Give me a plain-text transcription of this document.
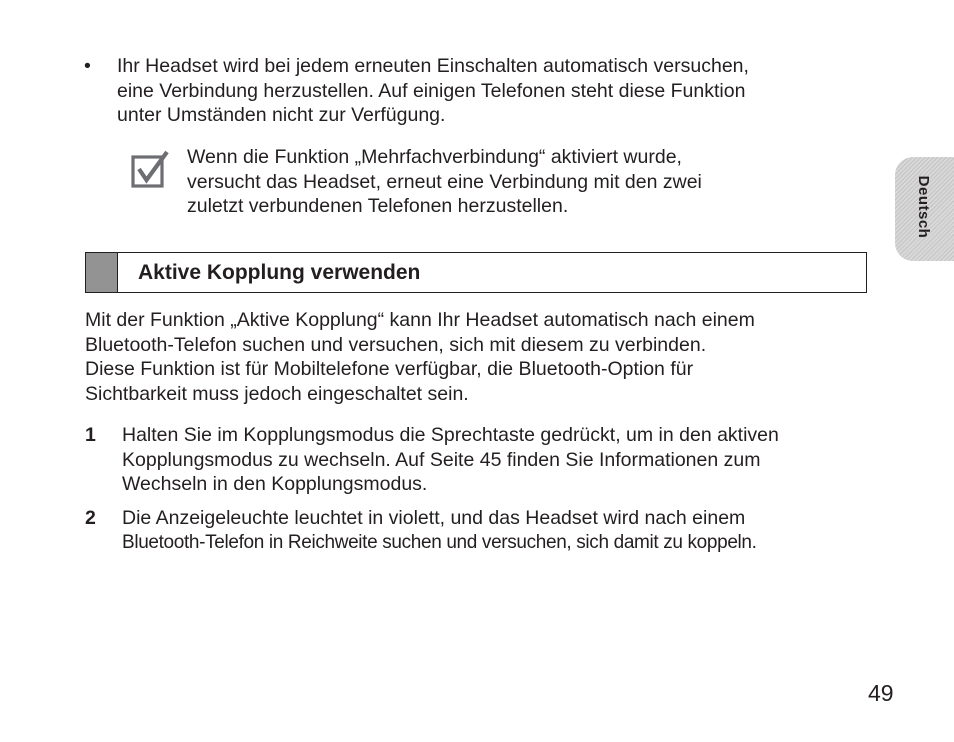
• Ihr Headset wird bei jedem erneuten Einschalten automatisch versuchen,
eine Verbindung herzustellen. Auf einigen Telefonen steht diese Funktion
unter Umständen nicht zur Verfügung.
Wenn die Funktion „Mehrfachverbindung“ aktiviert wurde,
versucht das Headset, erneut eine Verbindung mit den zwei
zuletzt verbundenen Telefonen herzustellen.
Aktive Kopplung verwenden
Mit der Funktion „Aktive Kopplung“ kann Ihr Headset automatisch nach einem
Bluetooth-Telefon suchen und versuchen, sich mit diesem zu verbinden.
Diese Funktion ist für Mobiltelefone verfügbar, die Bluetooth-Option für
Sichtbarkeit muss jedoch eingeschaltet sein.
1 Halten Sie im Kopplungsmodus die Sprechtaste gedrückt, um in den aktiven
Kopplungsmodus zu wechseln. Auf Seite 45 finden Sie Informationen zum
Wechseln in den Kopplungsmodus.
2 Die Anzeigeleuchte leuchtet in violett, und das Headset wird nach einem
Bluetooth-Telefon in Reichweite suchen und versuchen, sich damit zu koppeln.
Deutsch
49
